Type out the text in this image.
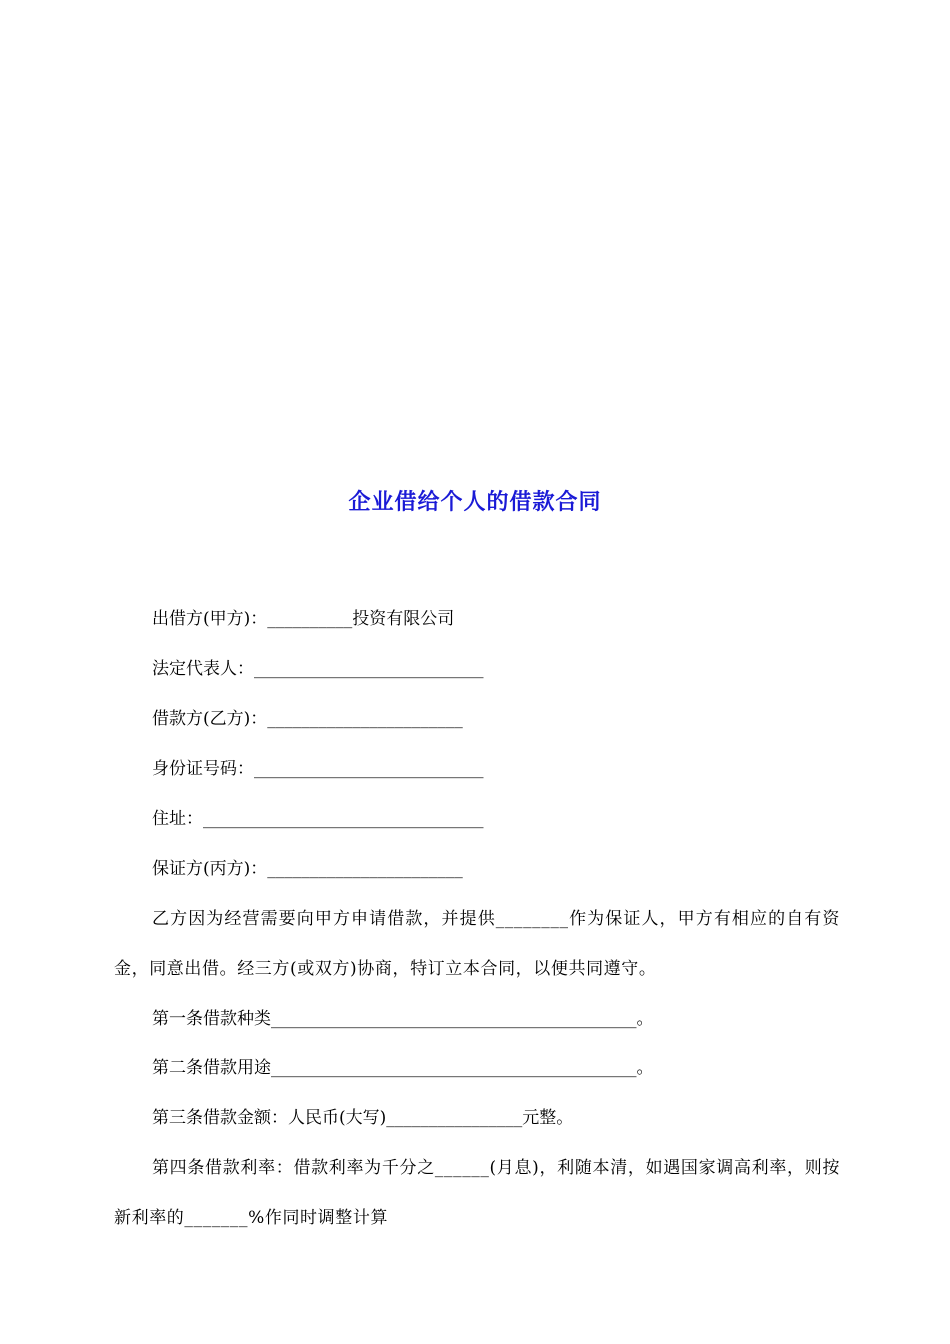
企业借给个人的借款合同
出借方(甲方)：__________投资有限公司
法定代表人：___________________________
借款方(乙方)：_______________________
身份证号码：___________________________
住址：_________________________________
保证方(丙方)：_______________________
乙方因为经营需要向甲方申请借款，并提供________作为保证人，甲方有相应的自有资金，同意出借。经三方(或双方)协商，特订立本合同，以便共同遵守。
第一条借款种类___________________________________________。
第二条借款用途___________________________________________。
第三条借款金额：人民币(大写)________________元整。
第四条借款利率：借款利率为千分之______(月息)，利随本清，如遇国家调高利率，则按新利率的_______%作同时调整计算
